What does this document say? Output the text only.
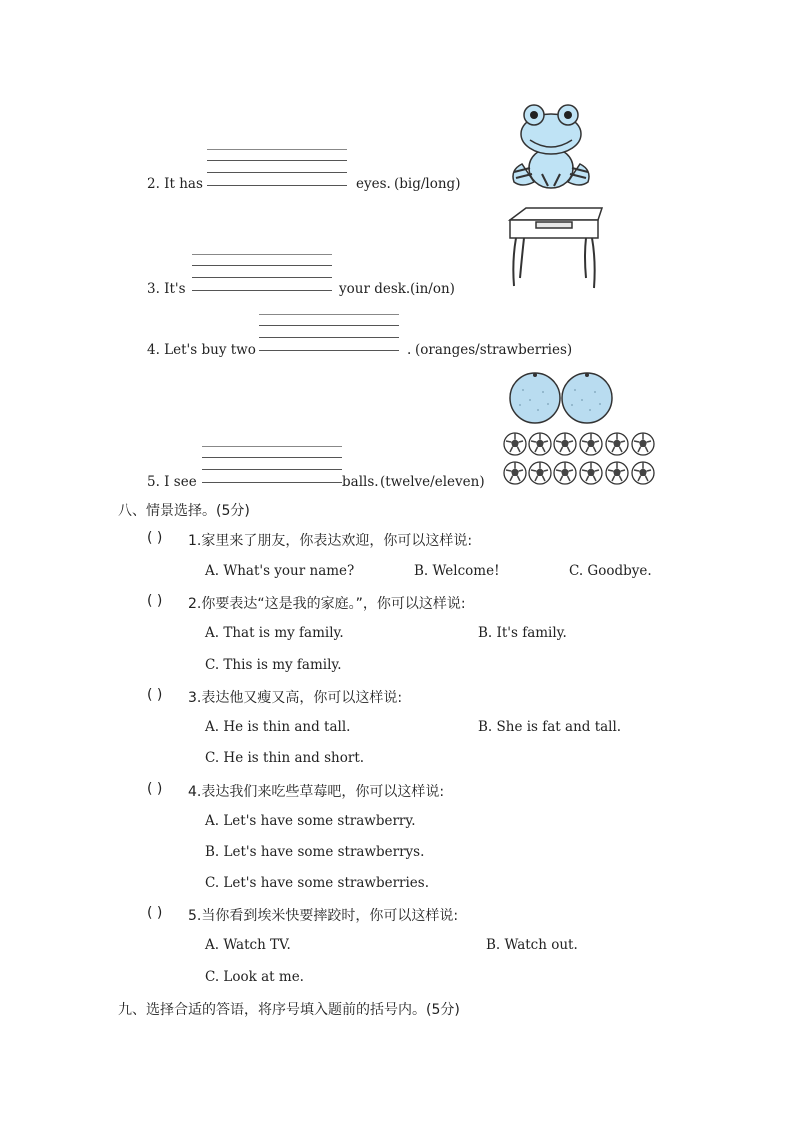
2. It has	eyes. (big/long)
3. It's	your desk. (in/on)
4. Let's buy two	. (oranges/strawberries)
5. I see	balls. (twelve/eleven)
八、情景选择。(5分)
( ) 1.家里来了朋友，你表达欢迎，你可以这样说:
A. What's your name?	B. Welcome!	C. Goodbye.
( ) 2.你要表达“这是我的家庭。”，你可以这样说:
A. That is my family.	B. It's family.
C. This is my family.
( ) 3.表达他又瘦又高，你可以这样说:
A. He is thin and tall.	B. She is fat and tall.
C. He is thin and short.
( ) 4.表达我们来吃些草莓吧，你可以这样说:
A. Let's have some strawberry.
B. Let's have some strawberrys.
C. Let's have some strawberries.
( ) 5.当你看到埃米快要摔跤时，你可以这样说:
A. Watch TV.	B. Watch out.
C. Look at me.
九、选择合适的答语，将序号填入题前的括号内。(5分)
